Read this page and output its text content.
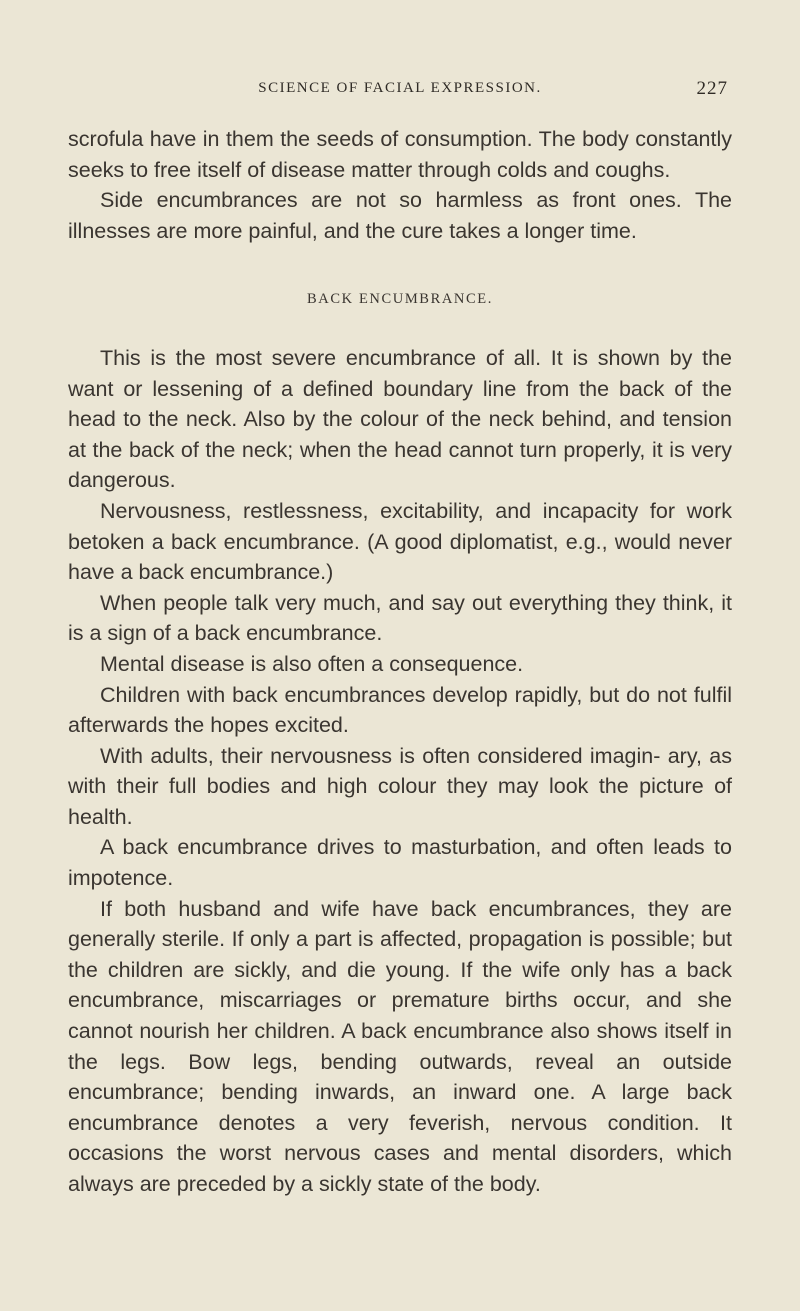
SCIENCE OF FACIAL EXPRESSION.	227

scrofula have in them the seeds of consumption. The body constantly seeks to free itself of disease matter through colds and coughs.

Side encumbrances are not so harmless as front ones. The illnesses are more painful, and the cure takes a longer time.

BACK ENCUMBRANCE.

This is the most severe encumbrance of all. It is shown by the want or lessening of a defined boundary line from the back of the head to the neck. Also by the colour of the neck behind, and tension at the back of the neck; when the head cannot turn properly, it is very dangerous.

Nervousness, restlessness, excitability, and incapacity for work betoken a back encumbrance. (A good diplomatist, e.g., would never have a back encumbrance.)

When people talk very much, and say out everything they think, it is a sign of a back encumbrance.

Mental disease is also often a consequence.

Children with back encumbrances develop rapidly, but do not fulfil afterwards the hopes excited.

With adults, their nervousness is often considered imagin- ary, as with their full bodies and high colour they may look the picture of health.

A back encumbrance drives to masturbation, and often leads to impotence.

If both husband and wife have back encumbrances, they are generally sterile. If only a part is affected, propagation is possible; but the children are sickly, and die young. If the wife only has a back encumbrance, miscarriages or premature births occur, and she cannot nourish her children. A back encumbrance also shows itself in the legs. Bow legs, bending outwards, reveal an outside encumbrance; bending inwards, an inward one. A large back encumbrance denotes a very feverish, nervous condition. It occasions the worst nervous cases and mental disorders, which always are preceded by a sickly state of the body.
